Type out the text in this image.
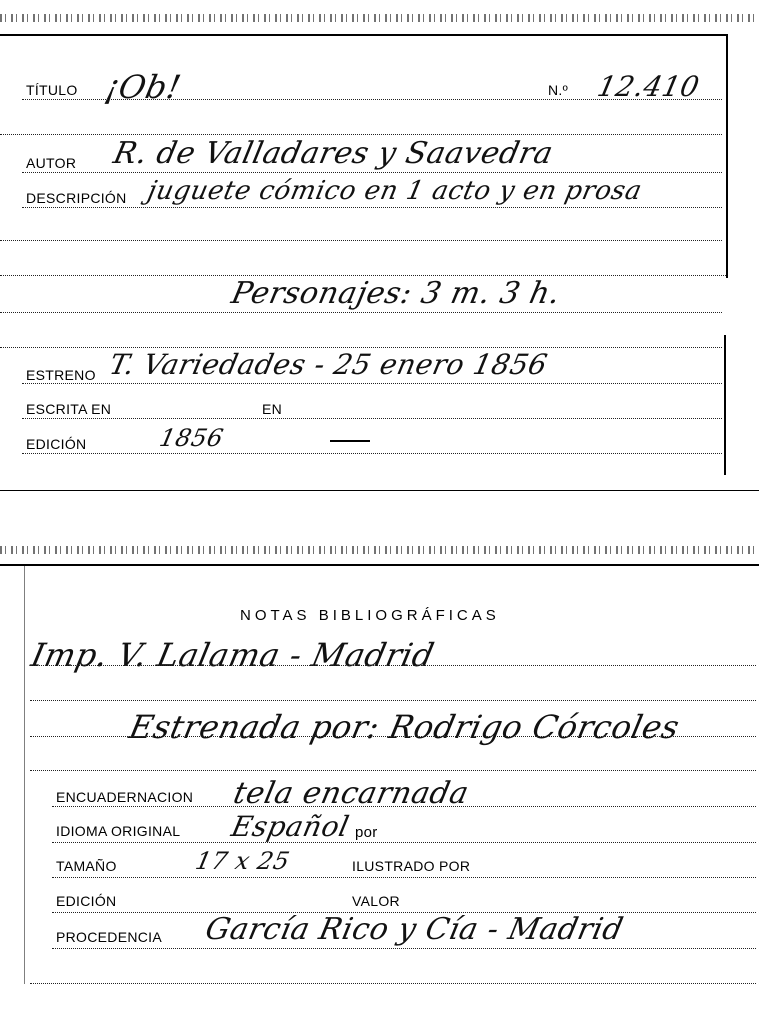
TÍTULO ¡Ob!	N.º 12.410
AUTOR R. de Valladares y Saavedra
DESCRIPCIÓN juguete cómico en 1 acto y en prosa
Personajes: 3 m. 3 h.
ESTRENO T. Variedades - 25 enero 1856
ESCRITA EN	EN
EDICIÓN	1856
NOTAS BIBLIOGRÁFICAS
Imp. V. Lalama - Madrid
Estrenada por: Rodrigo Córcoles
ENCUADERNACION tela encarnada
IDIOMA ORIGINAL Español por
TAMAÑO	17 x 25	ILUSTRADO POR
EDICIÓN	VALOR
PROCEDENCIA García Rico y Cía - Madrid
